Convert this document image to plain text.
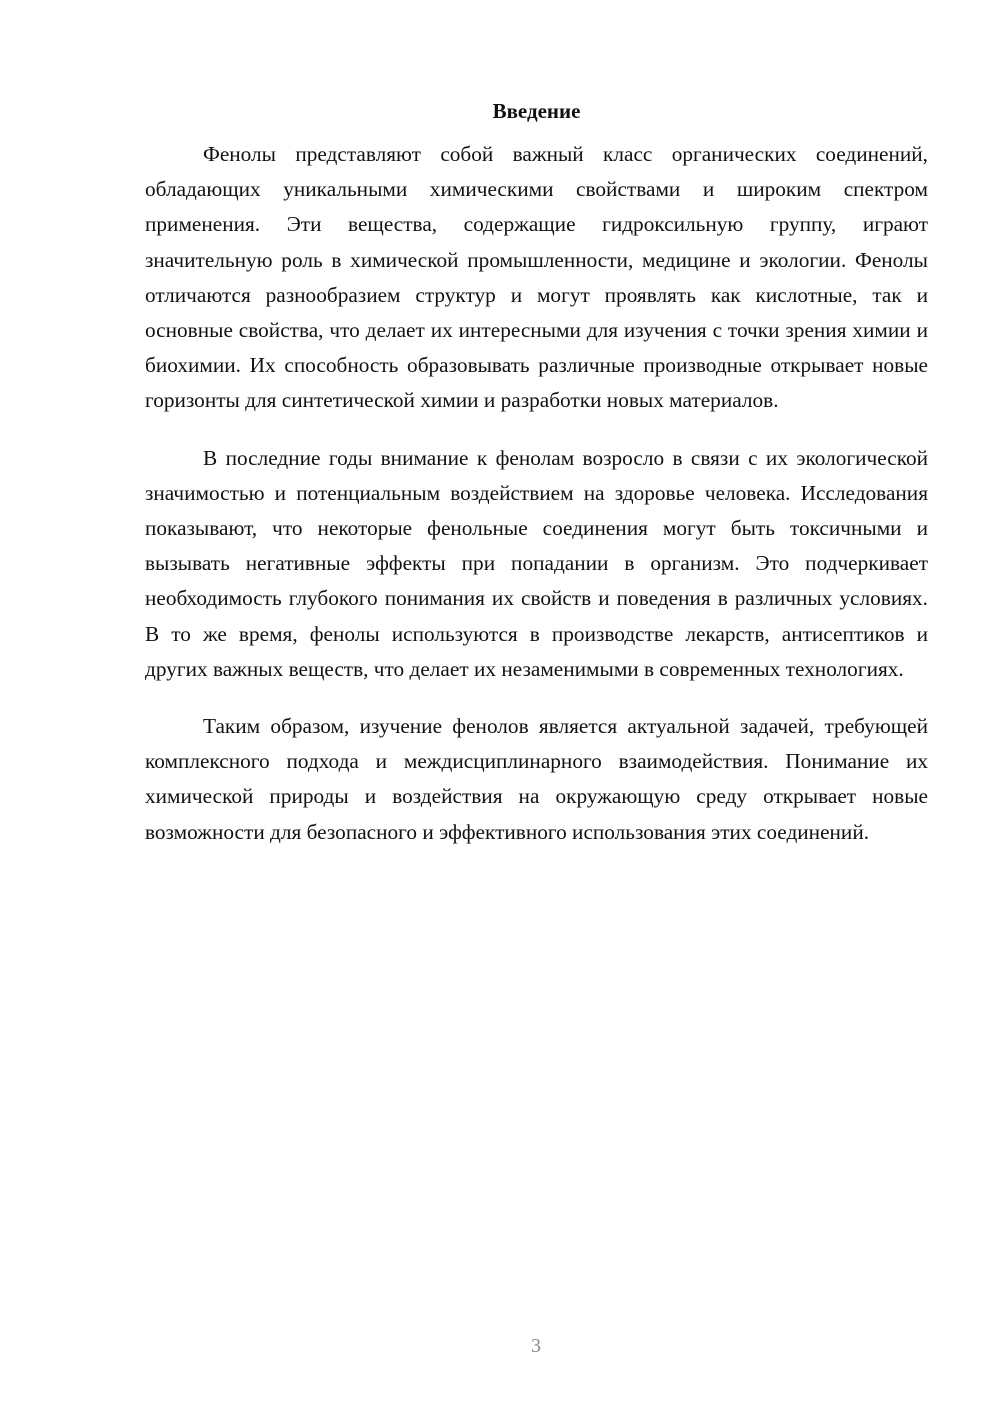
Введение

Фенолы представляют собой важный класс органических соединений, обладающих уникальными химическими свойствами и широким спектром применения. Эти вещества, содержащие гидроксильную группу, играют значительную роль в химической промышленности, медицине и экологии. Фенолы отличаются разнообразием структур и могут проявлять как кислотные, так и основные свойства, что делает их интересными для изучения с точки зрения химии и биохимии. Их способность образовывать различные производные открывает новые горизонты для синтетической химии и разработки новых материалов.

В последние годы внимание к фенолам возросло в связи с их экологической значимостью и потенциальным воздействием на здоровье человека. Исследования показывают, что некоторые фенольные соединения могут быть токсичными и вызывать негативные эффекты при попадании в организм. Это подчеркивает необходимость глубокого понимания их свойств и поведения в различных условиях. В то же время, фенолы используются в производстве лекарств, антисептиков и других важных веществ, что делает их незаменимыми в современных технологиях.

Таким образом, изучение фенолов является актуальной задачей, требующей комплексного подхода и междисциплинарного взаимодействия. Понимание их химической природы и воздействия на окружающую среду открывает новые возможности для безопасного и эффективного использования этих соединений.

3
